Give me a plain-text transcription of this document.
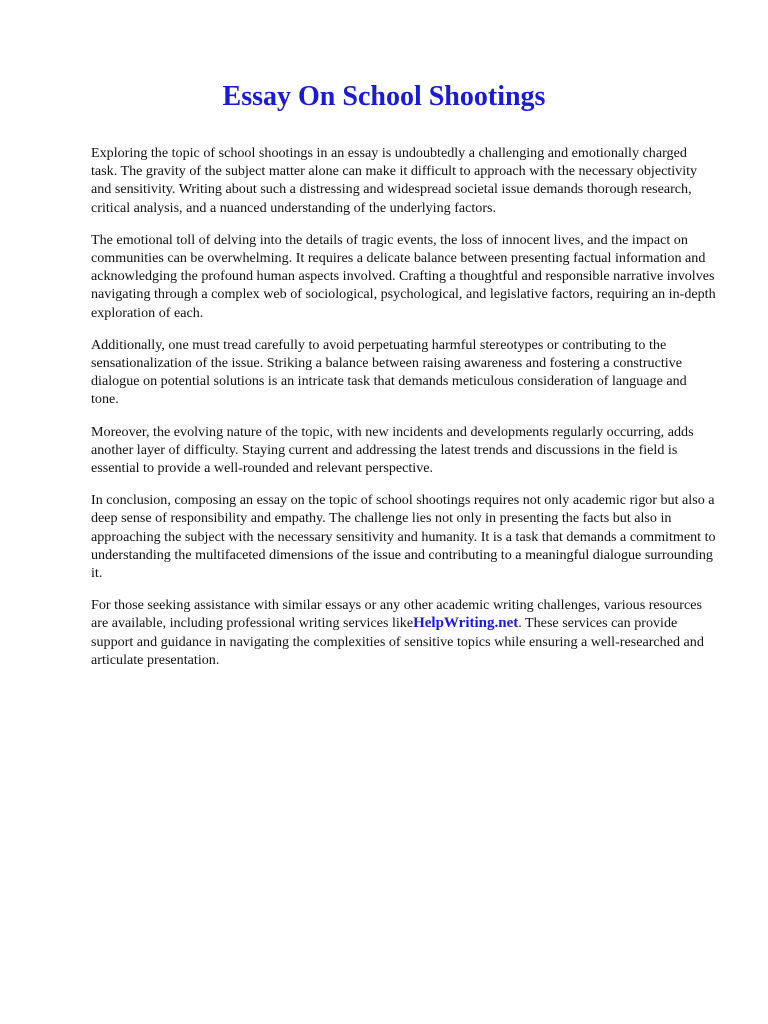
Essay On School Shootings

Exploring the topic of school shootings in an essay is undoubtedly a challenging and emotionally charged task. The gravity of the subject matter alone can make it difficult to approach with the necessary objectivity and sensitivity. Writing about such a distressing and widespread societal issue demands thorough research, critical analysis, and a nuanced understanding of the underlying factors.

The emotional toll of delving into the details of tragic events, the loss of innocent lives, and the impact on communities can be overwhelming. It requires a delicate balance between presenting factual information and acknowledging the profound human aspects involved. Crafting a thoughtful and responsible narrative involves navigating through a complex web of sociological, psychological, and legislative factors, requiring an in-depth exploration of each.

Additionally, one must tread carefully to avoid perpetuating harmful stereotypes or contributing to the sensationalization of the issue. Striking a balance between raising awareness and fostering a constructive dialogue on potential solutions is an intricate task that demands meticulous consideration of language and tone.

Moreover, the evolving nature of the topic, with new incidents and developments regularly occurring, adds another layer of difficulty. Staying current and addressing the latest trends and discussions in the field is essential to provide a well-rounded and relevant perspective.

In conclusion, composing an essay on the topic of school shootings requires not only academic rigor but also a deep sense of responsibility and empathy. The challenge lies not only in presenting the facts but also in approaching the subject with the necessary sensitivity and humanity. It is a task that demands a commitment to understanding the multifaceted dimensions of the issue and contributing to a meaningful dialogue surrounding it.

For those seeking assistance with similar essays or any other academic writing challenges, various resources are available, including professional writing services likeHelpWriting.net. These services can provide support and guidance in navigating the complexities of sensitive topics while ensuring a well-researched and articulate presentation.
